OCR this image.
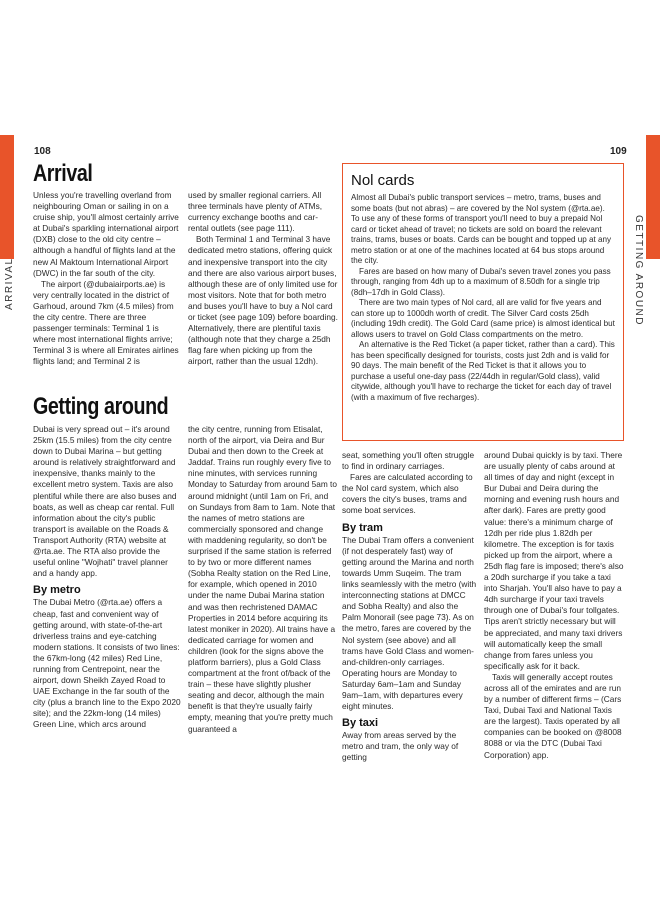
ARRIVAL	GETTING AROUND
108	109
Arrival

Unless you're travelling overland from neighbouring Oman or sailing in on a cruise ship, you'll almost certainly arrive at Dubai's sparkling international airport (DXB) close to the old city centre – although a handful of flights land at the new Al Maktoum International Airport (DWC) in the far south of the city.

The airport (@dubaiairports.ae) is very centrally located in the district of Garhoud, around 7km (4.5 miles) from the city centre. There are three passenger terminals: Terminal 1 is where most international flights arrive; Terminal 3 is where all Emirates airlines flights land; and Terminal 2 is

used by smaller regional carriers. All three terminals have plenty of ATMs, currency exchange booths and car-rental outlets (see page 111).

Both Terminal 1 and Terminal 3 have dedicated metro stations, offering quick and inexpensive transport into the city and there are also various airport buses, although these are of only limited use for most visitors. Note that for both metro and buses you'll have to buy a Nol card or ticket (see page 109) before boarding. Alternatively, there are plentiful taxis (although note that they charge a 25dh flag fare when picking up from the airport, rather than the usual 12dh).

Getting around

Dubai is very spread out – it's around 25km (15.5 miles) from the city centre down to Dubai Marina – but getting around is relatively straightforward and inexpensive, thanks mainly to the excellent metro system. Taxis are also plentiful while there are also buses and boats, as well as cheap car rental. Full information about the city's public transport is available on the Roads & Transport Authority (RTA) website at @rta.ae. The RTA also provide the useful online "Wojhati" travel planner and a handy app.

By metro

The Dubai Metro (@rta.ae) offers a cheap, fast and convenient way of getting around, with state-of-the-art driverless trains and eye-catching modern stations. It consists of two lines: the 67km-long (42 miles) Red Line, running from Centrepoint, near the airport, down Sheikh Zayed Road to UAE Exchange in the far south of the city (plus a branch line to the Expo 2020 site); and the 22km-long (14 miles) Green Line, which arcs around

the city centre, running from Etisalat, north of the airport, via Deira and Bur Dubai and then down to the Creek at Jaddaf. Trains run roughly every five to nine minutes, with services running Monday to Saturday from around 5am to around midnight (until 1am on Fri, and on Sundays from 8am to 1am. Note that the names of metro stations are commercially sponsored and change with maddening regularity, so don't be surprised if the same station is referred to by two or more different names (Sobha Realty station on the Red Line, for example, which opened in 2010 under the name Dubai Marina station and was then rechristened DAMAC Properties in 2014 before acquiring its latest moniker in 2020). All trains have a dedicated carriage for women and children (look for the signs above the platform barriers), plus a Gold Class compartment at the front of/back of the train – these have slightly plusher seating and decor, although the main benefit is that they're usually fairly empty, meaning that you're pretty much guaranteed a

Nol cards

Almost all Dubai's public transport services – metro, trams, buses and some boats (but not abras) – are covered by the Nol system (@rta.ae). To use any of these forms of transport you'll need to buy a prepaid Nol card or ticket ahead of travel; no tickets are sold on board the relevant trains, trams, buses or boats. Cards can be bought and topped up at any metro station or at one of the machines located at 64 bus stops around the city.

Fares are based on how many of Dubai's seven travel zones you pass through, ranging from 4dh up to a maximum of 8.50dh for a single trip (8dh–17dh in Gold Class).

There are two main types of Nol card, all are valid for five years and can store up to 1000dh worth of credit. The Silver Card costs 25dh (including 19dh credit). The Gold Card (same price) is almost identical but allows users to travel on Gold Class compartments on the metro.

An alternative is the Red Ticket (a paper ticket, rather than a card). This has been specifically designed for tourists, costs just 2dh and is valid for 90 days. The main benefit of the Red Ticket is that it allows you to purchase a useful one-day pass (22/44dh in regular/Gold class), valid citywide, although you'll have to recharge the ticket for each day of travel (with a maximum of five recharges).

seat, something you'll often struggle to find in ordinary carriages.

Fares are calculated according to the Nol card system, which also covers the city's buses, trams and some boat services.

By tram

The Dubai Tram offers a convenient (if not desperately fast) way of getting around the Marina and north towards Umm Suqeim. The tram links seamlessly with the metro (with interconnecting stations at DMCC and Sobha Realty) and also the Palm Monorail (see page 73). As on the metro, fares are covered by the Nol system (see above) and all trams have Gold Class and women-and-children-only carriages. Operating hours are Monday to Saturday 6am–1am and Sunday 9am–1am, with departures every eight minutes.

By taxi

Away from areas served by the metro and tram, the only way of getting

around Dubai quickly is by taxi. There are usually plenty of cabs around at all times of day and night (except in Bur Dubai and Deira during the morning and evening rush hours and after dark). Fares are pretty good value: there's a minimum charge of 12dh per ride plus 1.82dh per kilometre. The exception is for taxis picked up from the airport, where a 25dh flag fare is imposed; there's also a 20dh surcharge if you take a taxi into Sharjah. You'll also have to pay a 4dh surcharge if your taxi travels through one of Dubai's four tollgates. Tips aren't strictly necessary but will be appreciated, and many taxi drivers will automatically keep the small change from fares unless you specifically ask for it back.

Taxis will generally accept routes across all of the emirates and are run by a number of different firms – (Cars Taxi, Dubai Taxi and National Taxis are the largest). Taxis operated by all companies can be booked on @8008 8088 or via the DTC (Dubai Taxi Corporation) app.
